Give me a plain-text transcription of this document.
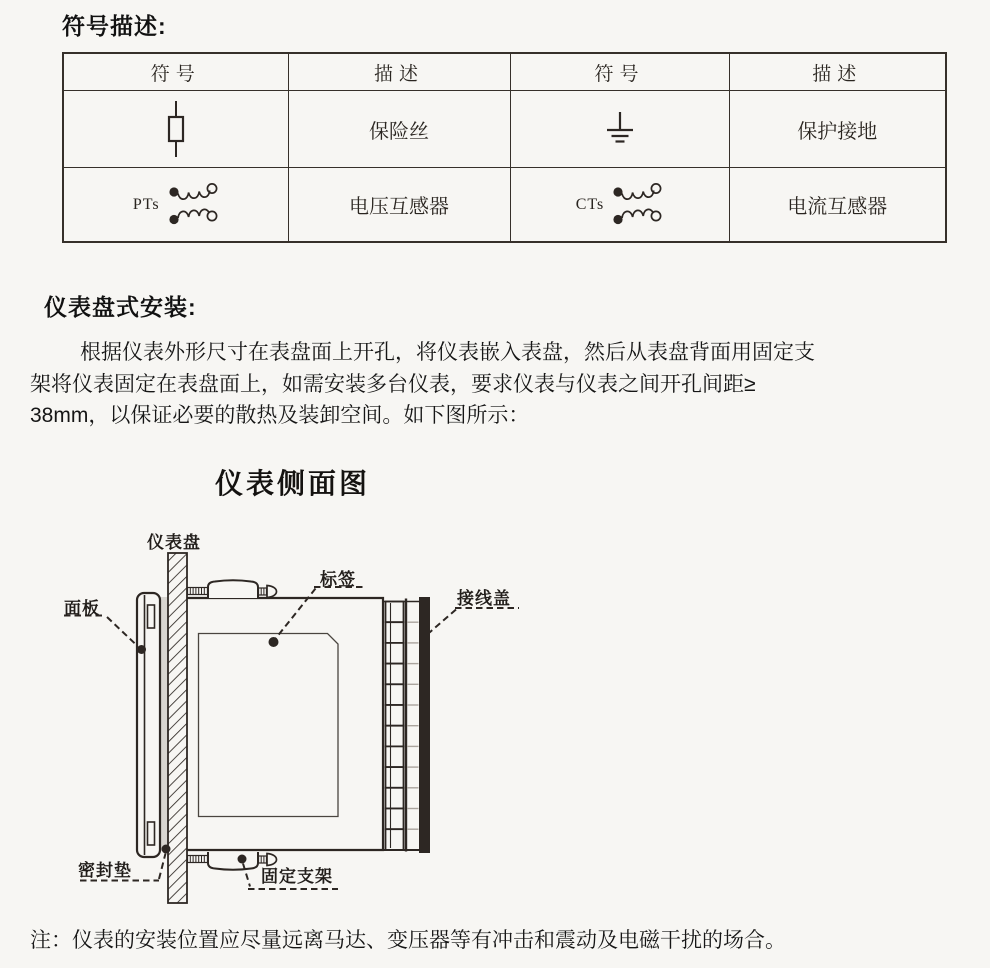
符号描述:
符号	描述	符号	描述

	保险丝		保护接地

PTs	电压互感器	CTs	电流互感器
仪表盘式安装:
根据仪表外形尺寸在表盘面上开孔，将仪表嵌入表盘，然后从表盘背面用固定支
架将仪表固定在表盘面上，如需安装多台仪表，要求仪表与仪表之间开孔间距≥
38mm，以保证必要的散热及装卸空间。如下图所示：
仪表侧面图
仪表盘
标签
接线盖
面板
密封垫	固定支架
注：仪表的安装位置应尽量远离马达、变压器等有冲击和震动及电磁干扰的场合。
